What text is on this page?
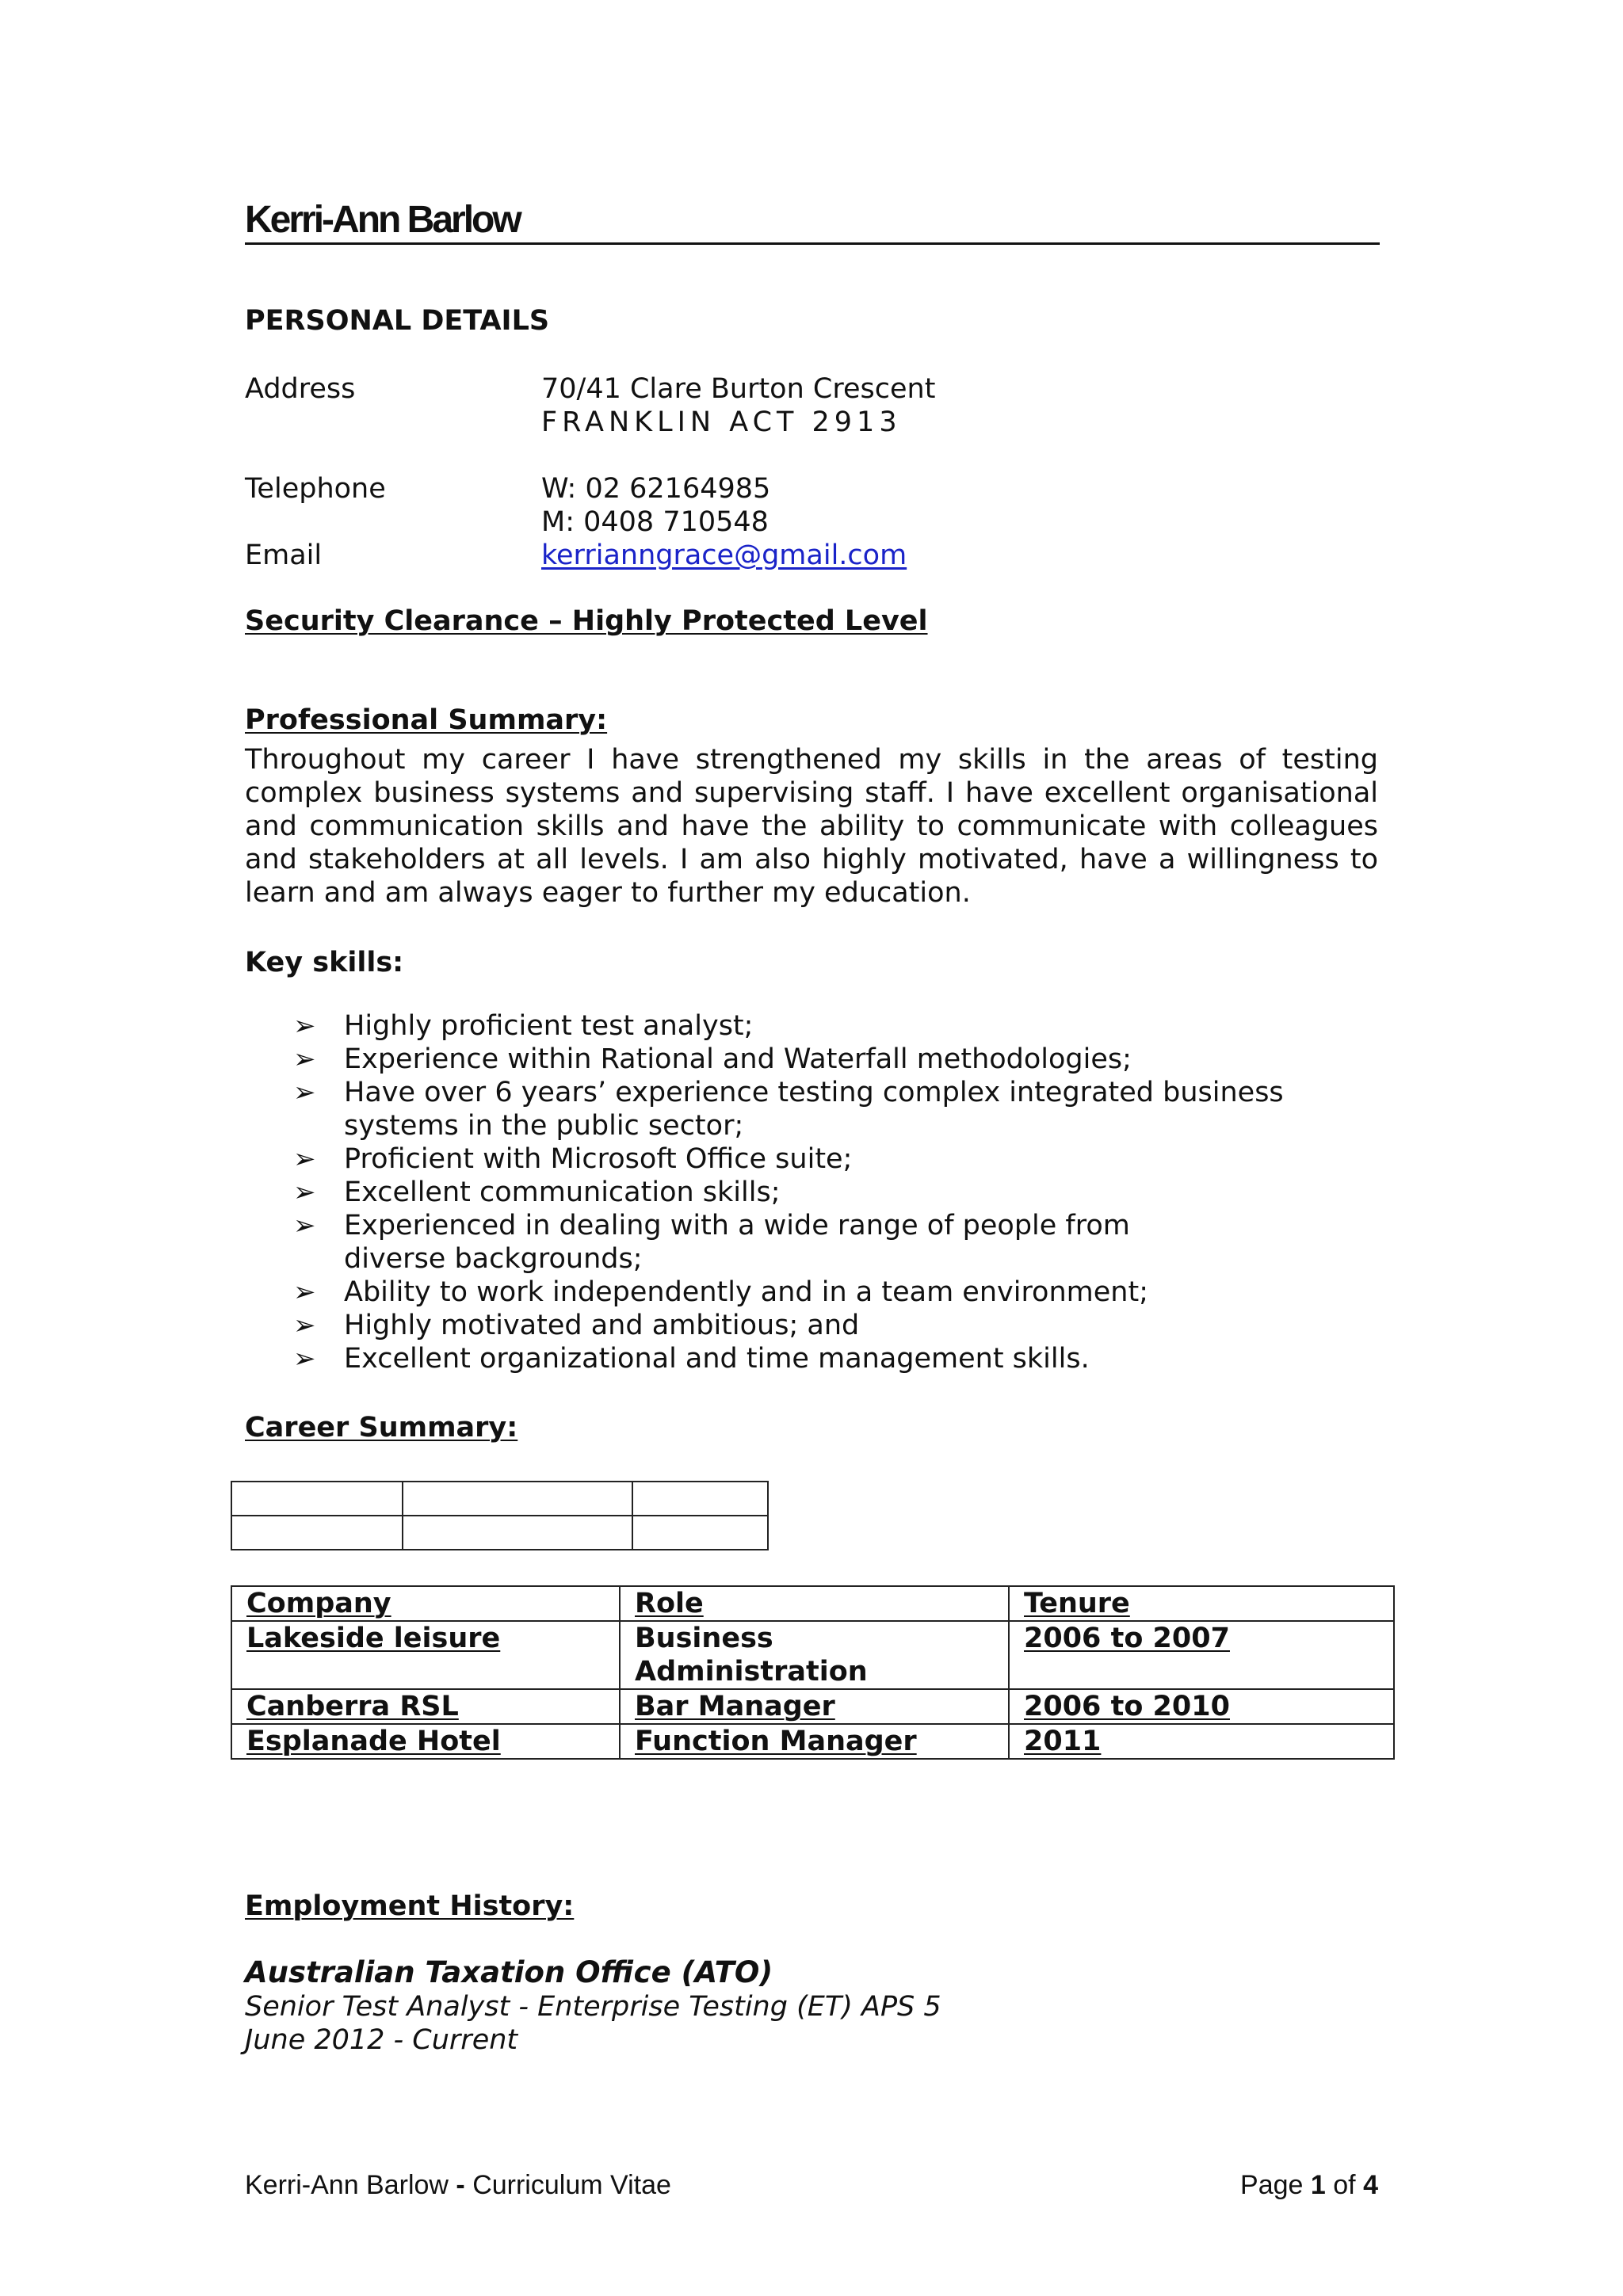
Kerri-Ann Barlow
PERSONAL DETAILS
Address	70/41 Clare Burton Crescent
FRANKLIN ACT 2913
Telephone	W: 02 62164985
M: 0408 710548
Email	kerrianngrace@gmail.com
Security Clearance – Highly Protected Level
Professional Summary:
Throughout my career I have strengthened my skills in the areas of testing complex business systems and supervising staff. I have excellent organisational and communication skills and have the ability to communicate with colleagues and stakeholders at all levels. I am also highly motivated, have a willingness to learn and am always eager to further my education.
Key skills:
➢ Highly proficient test analyst;
➢ Experience within Rational and Waterfall methodologies;
➢ Have over 6 years’ experience testing complex integrated business systems in the public sector;
➢ Proficient with Microsoft Office suite;
➢ Excellent communication skills;
➢ Experienced in dealing with a wide range of people from diverse backgrounds;
➢ Ability to work independently and in a team environment;
➢ Highly motivated and ambitious; and
➢ Excellent organizational and time management skills.
Career Summary:

Company	Role	Tenure
Lakeside leisure	Business Administration	2006 to 2007
Canberra RSL	Bar Manager	2006 to 2010
Esplanade Hotel	Function Manager	2011
Employment History:
Australian Taxation Office (ATO)
Senior Test Analyst - Enterprise Testing (ET) APS 5
June 2012 - Current
Kerri-Ann Barlow - Curriculum Vitae	Page 1 of 4
